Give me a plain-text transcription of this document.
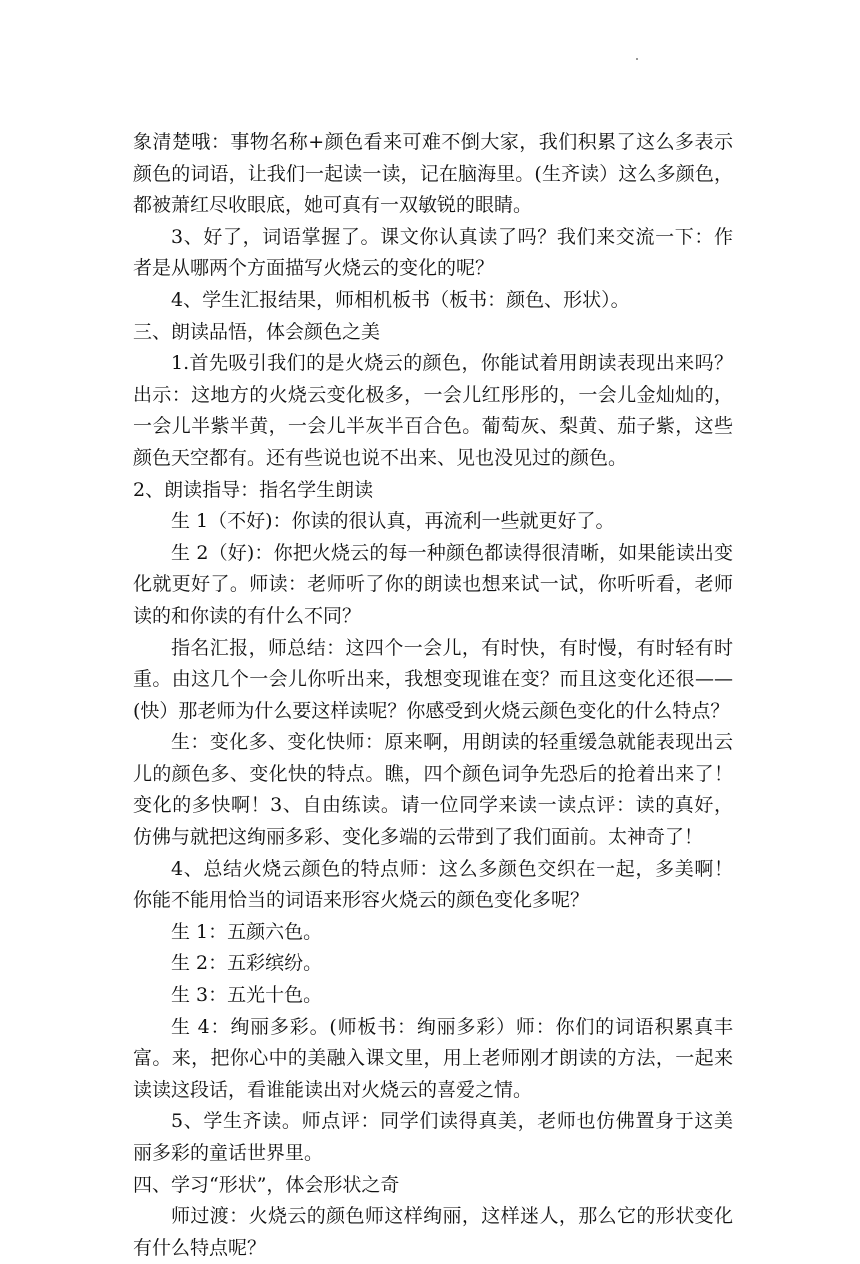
象清楚哦：事物名称+颜色看来可难不倒大家，我们积累了这么多表示颜色的词语，让我们一起读一读，记在脑海里。(生齐读）这么多颜色，都被萧红尽收眼底，她可真有一双敏锐的眼睛。

3、好了，词语掌握了。课文你认真读了吗？我们来交流一下：作者是从哪两个方面描写火烧云的变化的呢？

4、学生汇报结果，师相机板书（板书：颜色、形状）。

三、朗读品悟，体会颜色之美

1.首先吸引我们的是火烧云的颜色，你能试着用朗读表现出来吗？出示：这地方的火烧云变化极多，一会儿红彤彤的，一会儿金灿灿的，一会儿半紫半黄，一会儿半灰半百合色。葡萄灰、梨黄、茄子紫，这些颜色天空都有。还有些说也说不出来、见也没见过的颜色。

2、朗读指导：指名学生朗读

生 1（不好)：你读的很认真，再流利一些就更好了。

生 2（好)：你把火烧云的每一种颜色都读得很清晰，如果能读出变化就更好了。师读：老师听了你的朗读也想来试一试，你听听看，老师读的和你读的有什么不同？

指名汇报，师总结：这四个一会儿，有时快，有时慢，有时轻有时重。由这几个一会儿你听出来，我想变现谁在变？而且这变化还很——(快）那老师为什么要这样读呢？你感受到火烧云颜色变化的什么特点？

生：变化多、变化快师：原来啊，用朗读的轻重缓急就能表现出云儿的颜色多、变化快的特点。瞧，四个颜色词争先恐后的抢着出来了！变化的多快啊！3、自由练读。请一位同学来读一读点评：读的真好，仿佛与就把这绚丽多彩、变化多端的云带到了我们面前。太神奇了！

4、总结火烧云颜色的特点师：这么多颜色交织在一起，多美啊！你能不能用恰当的词语来形容火烧云的颜色变化多呢？

生 1：五颜六色。

生 2：五彩缤纷。

生 3：五光十色。

生 4：绚丽多彩。(师板书：绚丽多彩）师：你们的词语积累真丰富。来，把你心中的美融入课文里，用上老师刚才朗读的方法，一起来读读这段话，看谁能读出对火烧云的喜爱之情。

5、学生齐读。师点评：同学们读得真美，老师也仿佛置身于这美丽多彩的童话世界里。

四、学习“形状”，体会形状之奇

师过渡：火烧云的颜色师这样绚丽，这样迷人，那么它的形状变化有什么特点呢？
